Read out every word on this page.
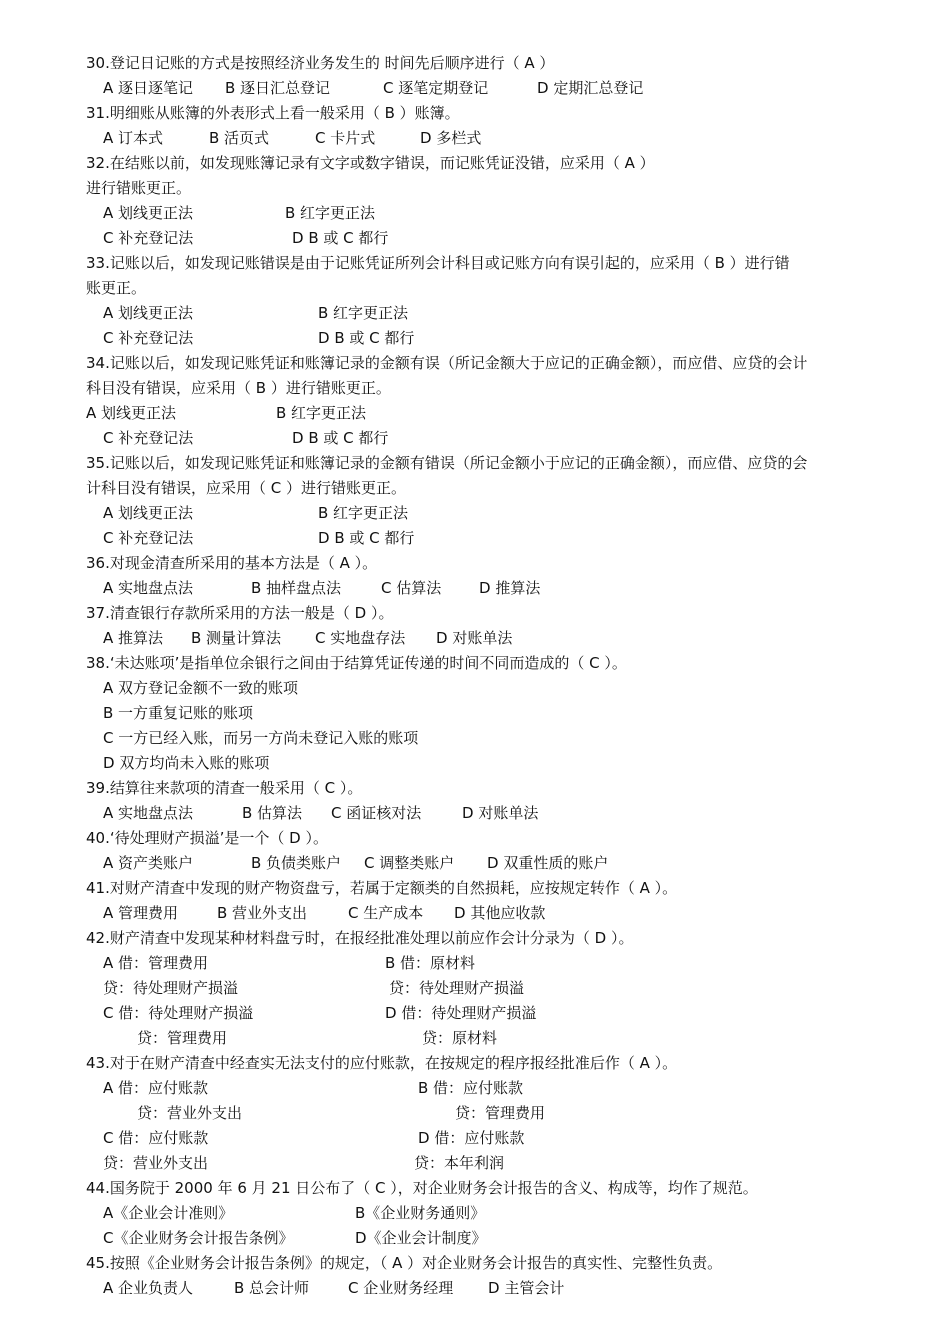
30.登记日记账的方式是按照经济业务发生的 时间先后顺序进行（ A ）
A 逐日逐笔记 B 逐日汇总登记	C 逐笔定期登记	D 定期汇总登记
31.明细账从账簿的外表形式上看一般采用（ B ）账簿。
A 订本式	B 活页式	C 卡片式	D 多栏式
32.在结账以前，如发现账簿记录有文字或数字错误，而记账凭证没错，应采用（ A ）
进行错账更正。
A 划线更正法	B 红字更正法
C 补充登记法	D B 或 C 都行
33.记账以后，如发现记账错误是由于记账凭证所列会计科目或记账方向有误引起的，应采用（ B ）进行错
账更正。
A 划线更正法	B 红字更正法
C 补充登记法	D B 或 C 都行
34.记账以后，如发现记账凭证和账簿记录的金额有误（所记金额大于应记的正确金额），而应借、应贷的会计
科目没有错误，应采用（ B ）进行错账更正。
A 划线更正法	B 红字更正法
C 补充登记法	D B 或 C 都行
35.记账以后，如发现记账凭证和账簿记录的金额有错误（所记金额小于应记的正确金额），而应借、应贷的会
计科目没有错误，应采用（ C ）进行错账更正。
A 划线更正法	B 红字更正法
C 补充登记法	D B 或 C 都行
36.对现金清查所采用的基本方法是（ A ）。
A 实地盘点法	B 抽样盘点法	C 估算法	D 推算法
37.清查银行存款所采用的方法一般是（ D ）。
A 推算法 B 测量计算法 C 实地盘存法 D 对账单法
38.‘未达账项’是指单位余银行之间由于结算凭证传递的时间不同而造成的（ C ）。
A 双方登记金额不一致的账项
B 一方重复记账的账项
C 一方已经入账，而另一方尚未登记入账的账项
D 双方均尚未入账的账项
39.结算往来款项的清查一般采用（ C ）。
A 实地盘点法	B 估算法 C 函证核对法	D 对账单法
40.‘待处理财产损溢’是一个（ D ）。
A 资产类账户	B 负债类账户 C 调整类账户 D 双重性质的账户
41.对财产清查中发现的财产物资盘亏，若属于定额类的自然损耗，应按规定转作（ A ）。
A 管理费用	B 营业外支出	C 生产成本 D 其他应收款
42.财产清查中发现某种材料盘亏时，在报经批准处理以前应作会计分录为（ D ）。
A 借：管理费用	B 借：原材料
贷：待处理财产损溢	贷：待处理财产损溢
C 借：待处理财产损溢	D 借：待处理财产损溢
贷：管理费用	贷：原材料
43.对于在财产清查中经查实无法支付的应付账款，在按规定的程序报经批准后作（ A ）。
A 借：应付账款	B 借：应付账款
贷：营业外支出	贷：管理费用
C 借：应付账款	D 借：应付账款
贷：营业外支出	贷：本年利润
44.国务院于 2000 年 6 月 21 日公布了（ C ），对企业财务会计报告的含义、构成等，均作了规范。
A《企业会计准则》	B《企业财务通则》
C《企业财务会计报告条例》	D《企业会计制度》
45.按照《企业财务会计报告条例》的规定，（ A ）对企业财务会计报告的真实性、完整性负责。
A 企业负责人	B 总会计师	C 企业财务经理 D 主管会计
